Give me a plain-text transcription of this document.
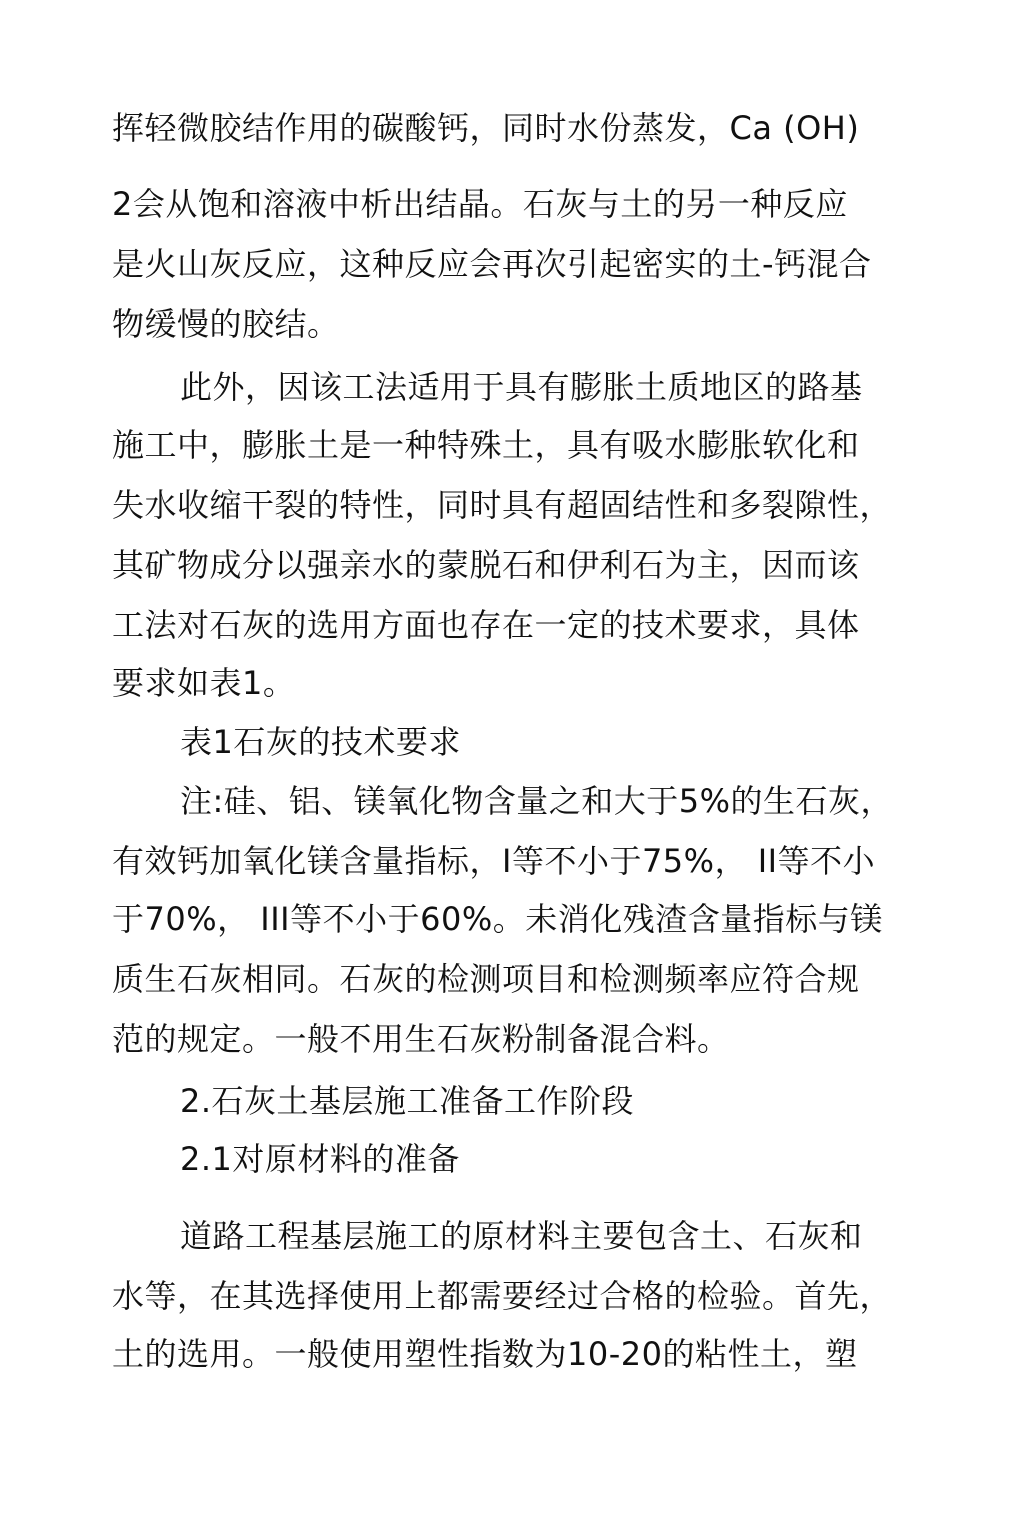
挥轻微胶结作用的碳酸钙，同时水份蒸发，Ca (OH)
2会从饱和溶液中析出结晶。石灰与土的另一种反应
是火山灰反应，这种反应会再次引起密实的土-钙混合
物缓慢的胶结。
此外，因该工法适用于具有膨胀土质地区的路基
施工中，膨胀土是一种特殊土，具有吸水膨胀软化和
失水收缩干裂的特性，同时具有超固结性和多裂隙性，
其矿物成分以强亲水的蒙脱石和伊利石为主，因而该
工法对石灰的选用方面也存在一定的技术要求，具体
要求如表1。
表1石灰的技术要求
注:硅、铝、镁氧化物含量之和大于5%的生石灰，
有效钙加氧化镁含量指标，I等不小于75%， II等不小
于70%， III等不小于60%。未消化残渣含量指标与镁
质生石灰相同。石灰的检测项目和检测频率应符合规
范的规定。一般不用生石灰粉制备混合料。
2.石灰土基层施工准备工作阶段
2.1对原材料的准备
道路工程基层施工的原材料主要包含土、石灰和
水等，在其选择使用上都需要经过合格的检验。首先，
土的选用。一般使用塑性指数为10-20的粘性土，塑
